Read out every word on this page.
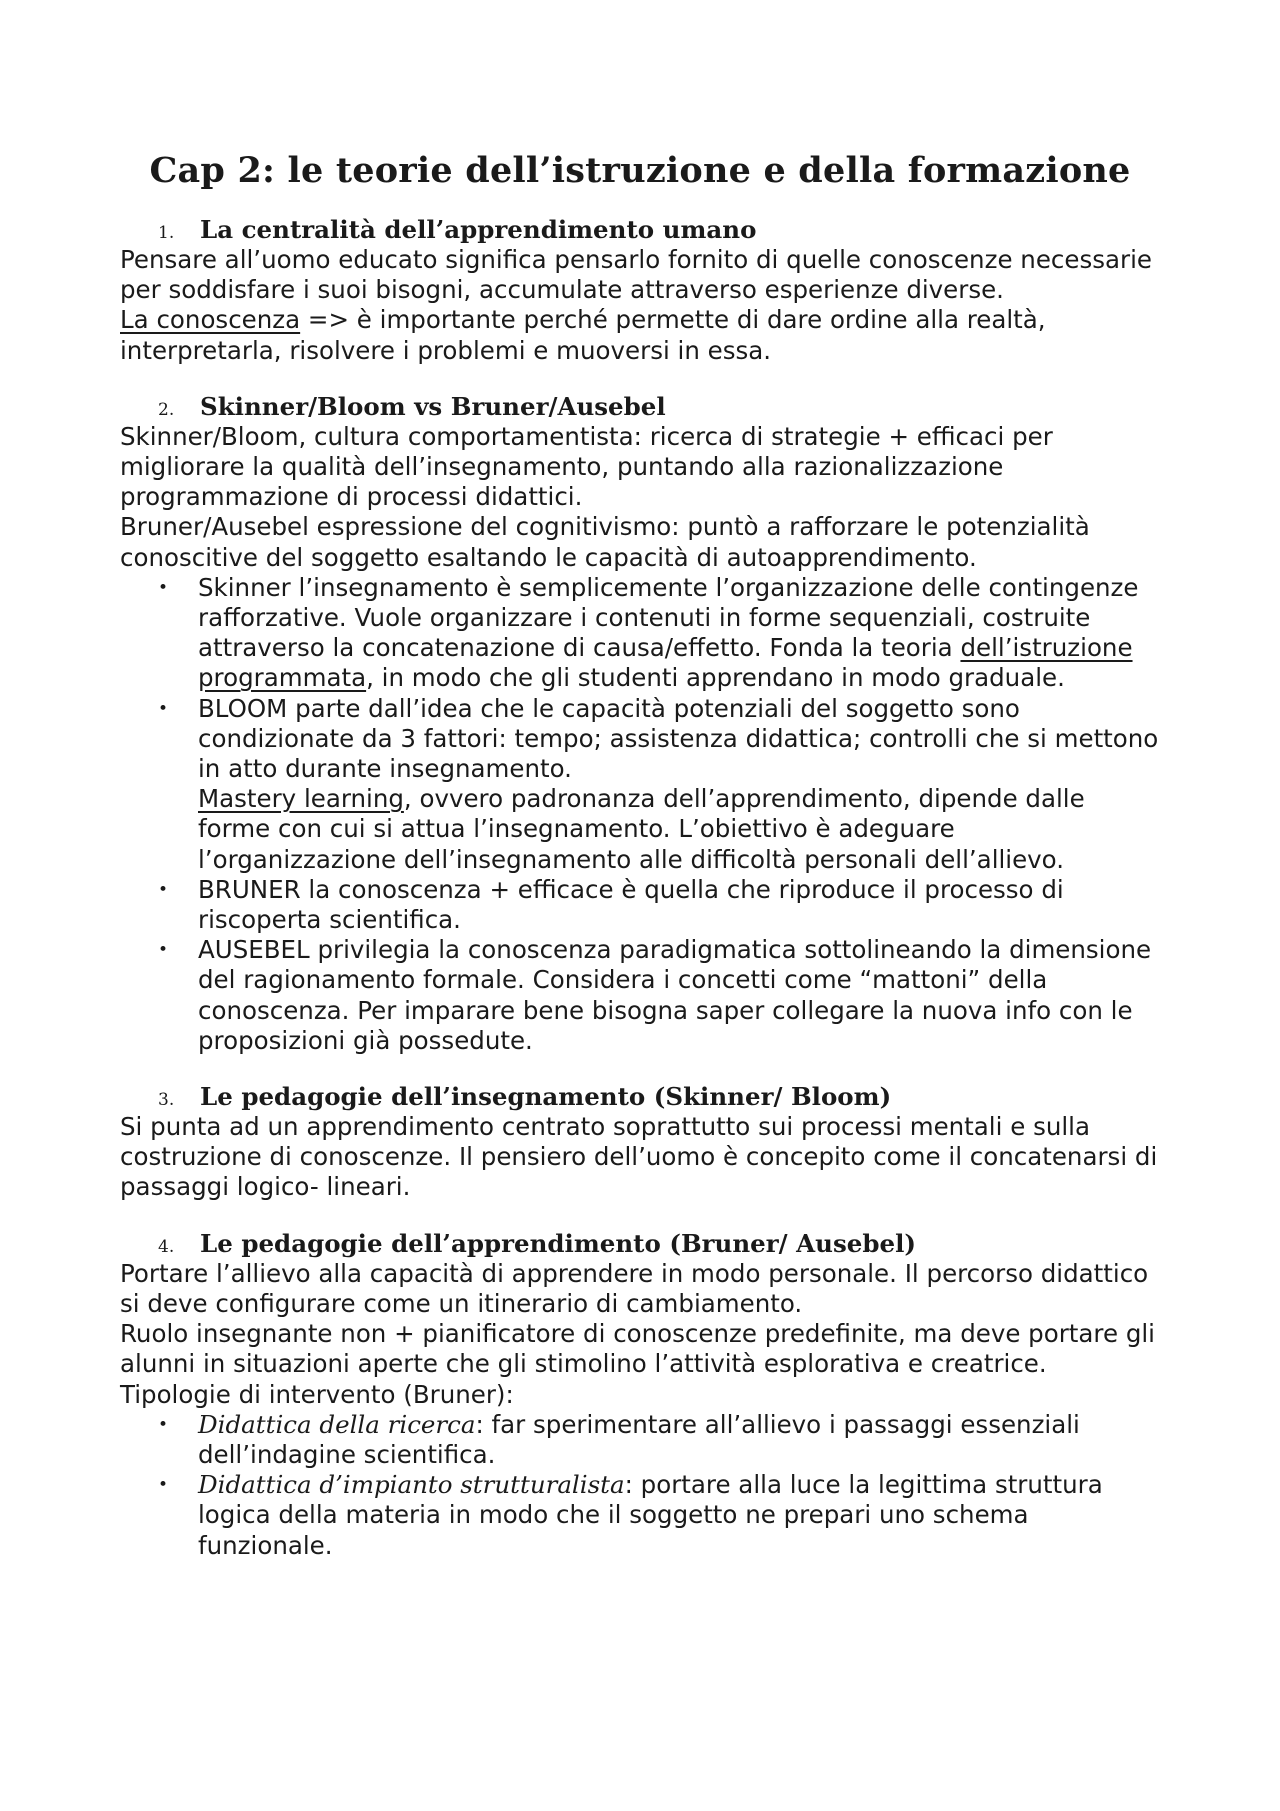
Cap 2: le teorie dell’istruzione e della formazione
1.	La centralità dell’apprendimento umano

Pensare all’uomo educato significa pensarlo fornito di quelle conoscenze necessarie per soddisfare i suoi bisogni, accumulate attraverso esperienze diverse.

La conoscenza => è importante perché permette di dare ordine alla realtà, interpretarla, risolvere i problemi e muoversi in essa.

2.	Skinner/Bloom vs Bruner/Ausebel

Skinner/Bloom, cultura comportamentista: ricerca di strategie + efficaci per migliorare la qualità dell’insegnamento, puntando alla razionalizzazione programmazione di processi didattici.

Bruner/Ausebel espressione del cognitivismo: puntò a rafforzare le potenzialità conoscitive del soggetto esaltando le capacità di autoapprendimento.

•	Skinner l’insegnamento è semplicemente l’organizzazione delle contingenze rafforzative. Vuole organizzare i contenuti in forme sequenziali, costruite attraverso la concatenazione di causa/effetto. Fonda la teoria dell’istruzione programmata, in modo che gli studenti apprendano in modo graduale.
•	BLOOM parte dall’idea che le capacità potenziali del soggetto sono condizionate da 3 fattori: tempo; assistenza didattica; controlli che si mettono in atto durante insegnamento.
Mastery learning, ovvero padronanza dell’apprendimento, dipende dalle forme con cui si attua l’insegnamento. L’obiettivo è adeguare l’organizzazione dell’insegnamento alle difficoltà personali dell’allievo.
•	BRUNER la conoscenza + efficace è quella che riproduce il processo di riscoperta scientifica.
•	AUSEBEL privilegia la conoscenza paradigmatica sottolineando la dimensione del ragionamento formale. Considera i concetti come “mattoni” della conoscenza. Per imparare bene bisogna saper collegare la nuova info con le proposizioni già possedute.
3.	Le pedagogie dell’insegnamento (Skinner/ Bloom)

Si punta ad un apprendimento centrato soprattutto sui processi mentali e sulla costruzione di conoscenze. Il pensiero dell’uomo è concepito come il concatenarsi di passaggi logico- lineari.

4.	Le pedagogie dell’apprendimento (Bruner/ Ausebel)

Portare l’allievo alla capacità di apprendere in modo personale. Il percorso didattico si deve configurare come un itinerario di cambiamento.

Ruolo insegnante non + pianificatore di conoscenze predefinite, ma deve portare gli alunni in situazioni aperte che gli stimolino l’attività esplorativa e creatrice.

Tipologie di intervento (Bruner):

•	Didattica della ricerca: far sperimentare all’allievo i passaggi essenziali dell’indagine scientifica.
•	Didattica d’impianto strutturalista: portare alla luce la legittima struttura logica della materia in modo che il soggetto ne prepari uno schema funzionale.
